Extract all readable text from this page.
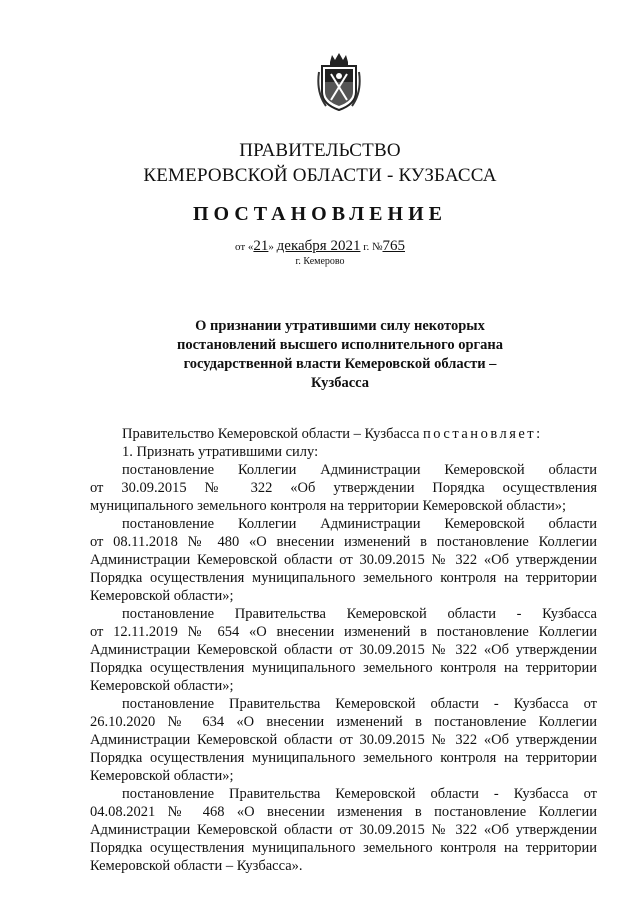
ПРАВИТЕЛЬСТВО
КЕМЕРОВСКОЙ ОБЛАСТИ - КУЗБАССА
ПОСТАНОВЛЕНИЕ
от «21» декабря 2021 г. №765
г. Кемерово
О признании утратившими силу некоторых
постановлений высшего исполнительного органа
государственной власти Кемеровской области –
Кузбасса

Правительство Кемеровской области – Кузбасса постановляет:

1. Признать утратившими силу:

постановление Коллегии Администрации Кемеровской области

от 30.09.2015 № 322 «Об утверждении Порядка осуществления

муниципального земельного контроля на территории Кемеровской области»;

постановление Коллегии Администрации Кемеровской области

от 08.11.2018 № 480 «О внесении изменений в постановление Коллегии Администрации Кемеровской области от 30.09.2015 № 322 «Об утверждении Порядка осуществления муниципального земельного контроля на территории Кемеровской области»;

постановление Правительства Кемеровской области - Кузбасса

от 12.11.2019 № 654 «О внесении изменений в постановление Коллегии Администрации Кемеровской области от 30.09.2015 № 322 «Об утверждении Порядка осуществления муниципального земельного контроля на территории Кемеровской области»;

постановление Правительства Кемеровской области - Кузбасса от 26.10.2020 № 634 «О внесении изменений в постановление Коллегии Администрации Кемеровской области от 30.09.2015 № 322 «Об утверждении Порядка осуществления муниципального земельного контроля на территории Кемеровской области»;

постановление Правительства Кемеровской области - Кузбасса от 04.08.2021 № 468 «О внесении изменения в постановление Коллегии Администрации Кемеровской области от 30.09.2015 № 322 «Об утверждении Порядка осуществления муниципального земельного контроля на территории Кемеровской области – Кузбасса».
